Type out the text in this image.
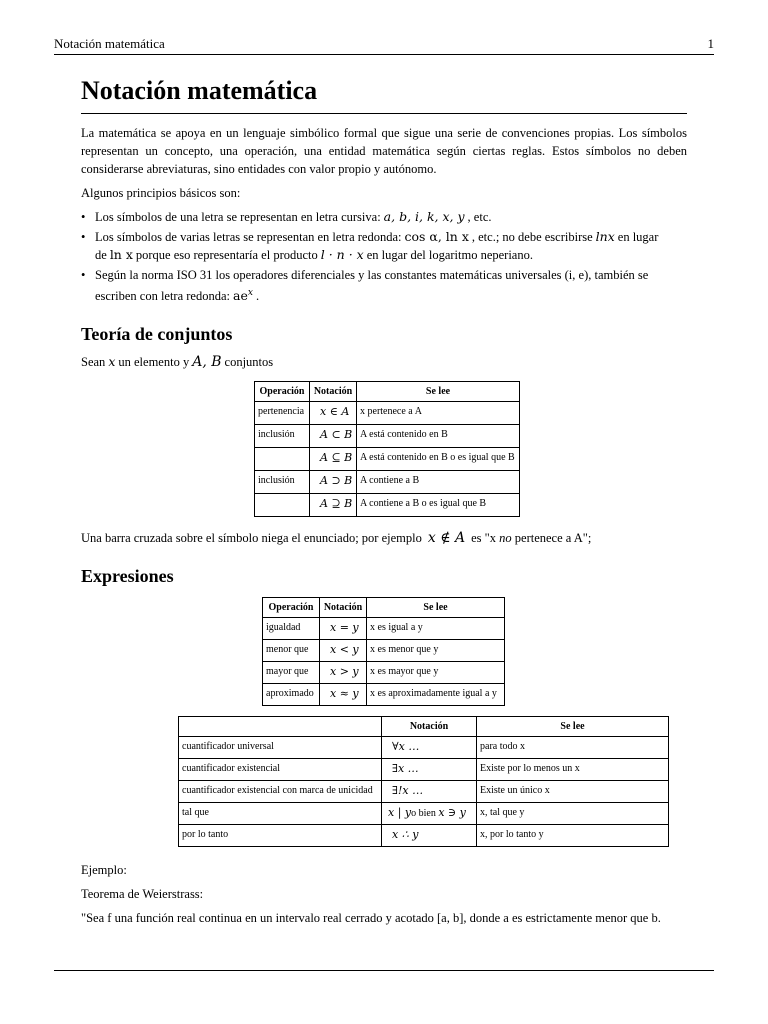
Notación matemática	1
Notación matemática

La matemática se apoya en un lenguaje simbólico formal que sigue una serie de convenciones propias. Los símbolos representan un concepto, una operación, una entidad matemática según ciertas reglas. Estos símbolos no deben considerarse abreviaturas, sino entidades con valor propio y autónomo.

Algunos principios básicos son:

• Los símbolos de una letra se representan en letra cursiva: a, b, i, k, x, y , etc.
• Los símbolos de varias letras se representan en letra redonda: cos α, ln x , etc.; no debe escribirse lnx en lugar de ln x porque eso representaría el producto l · n · x en lugar del logaritmo neperiano.
• Según la norma ISO 31 los operadores diferenciales y las constantes matemáticas universales (i, e), también se escriben con letra redonda: $ae^x$ .
Teoría de conjuntos

Sean x un elemento y A, B conjuntos

Operación	Notación	Se lee
pertenencia	x ∈ A	x pertenece a A
inclusión	A ⊂ B	A está contenido en B
	A ⊆ B	A está contenido en B o es igual que B
inclusión	A ⊃ B	A contiene a B
	A ⊇ B	A contiene a B o es igual que B

Una barra cruzada sobre el símbolo niega el enunciado; por ejemplo x ∉ A es "x no pertenece a A";

Expresiones
Operación	Notación	Se lee
igualdad	x = y	x es igual a y
menor que	x < y	x es menor que y
mayor que	x > y	x es mayor que y
aproximado	x ≈ y	x es aproximadamente igual a y
	Notación	Se lee
cuantificador universal	∀x …	para todo x
cuantificador existencial	∃x …	Existe por lo menos un x
cuantificador existencial con marca de unicidad	∃!x …	Existe un único x
tal que	x | yo bien x ∋ y	x, tal que y
por lo tanto	x ∴ y	x, por lo tanto y

Ejemplo:

Teorema de Weierstrass:

"Sea f una función real continua en un intervalo real cerrado y acotado [a, b], donde a es estrictamente menor que b.
